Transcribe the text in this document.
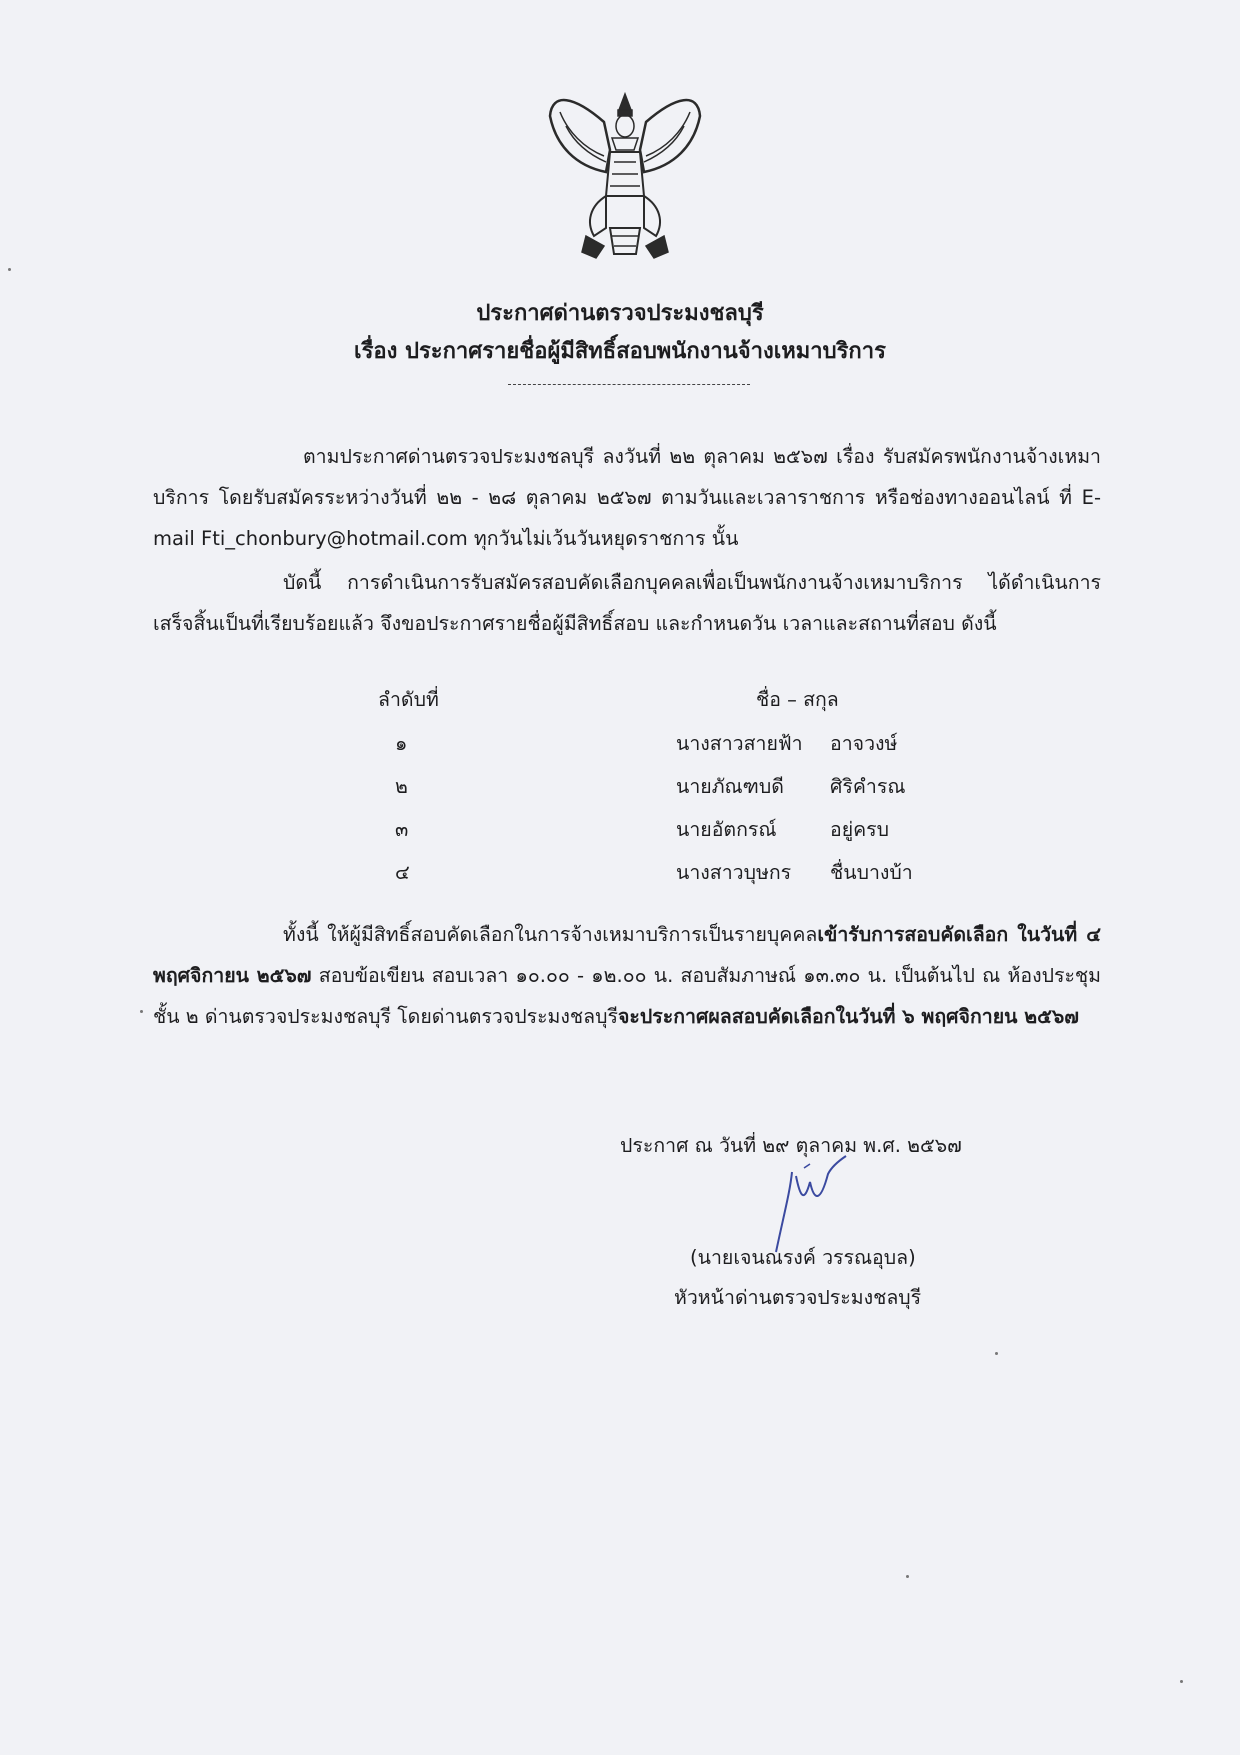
ประกาศด่านตรวจประมงชลบุรี
เรื่อง ประกาศรายชื่อผู้มีสิทธิ์สอบพนักงานจ้างเหมาบริการ
ตามประกาศด่านตรวจประมงชลบุรี ลงวันที่ ๒๒ ตุลาคม ๒๕๖๗ เรื่อง รับสมัครพนักงานจ้างเหมาบริการ โดยรับสมัครระหว่างวันที่ ๒๒ - ๒๘ ตุลาคม ๒๕๖๗ ตามวันและเวลาราชการ หรือช่องทางออนไลน์ ที่ E-mail Fti_chonbury@hotmail.com ทุกวันไม่เว้นวันหยุดราชการ นั้น
บัดนี้ การดำเนินการรับสมัครสอบคัดเลือกบุคคลเพื่อเป็นพนักงานจ้างเหมาบริการ ได้ดำเนินการเสร็จสิ้นเป็นที่เรียบร้อยแล้ว จึงขอประกาศรายชื่อผู้มีสิทธิ์สอบ และกำหนดวัน เวลาและสถานที่สอบ ดังนี้
ลำดับที่	ชื่อ – สกุล
๑	นางสาวสายฟ้า อาจวงษ์
๒	นายภัณฑบดี ศิริคำรณ
๓	นายอัตกรณ์	อยู่ครบ
๔	นางสาวบุษกร ชื่นบางบ้า
ทั้งนี้ ให้ผู้มีสิทธิ์สอบคัดเลือกในการจ้างเหมาบริการเป็นรายบุคคลเข้ารับการสอบคัดเลือก ในวันที่ ๔ พฤศจิกายน ๒๕๖๗ สอบข้อเขียน สอบเวลา ๑๐.๐๐ - ๑๒.๐๐ น. สอบสัมภาษณ์ ๑๓.๓๐ น. เป็นต้นไป ณ ห้องประชุม ชั้น ๒ ด่านตรวจประมงชลบุรี โดยด่านตรวจประมงชลบุรีจะประกาศผลสอบคัดเลือกในวันที่ ๖ พฤศจิกายน ๒๕๖๗
ประกาศ ณ วันที่ ๒๙ ตุลาคม พ.ศ. ๒๕๖๗
(นายเจนณรงค์ วรรณอุบล)
หัวหน้าด่านตรวจประมงชลบุรี
